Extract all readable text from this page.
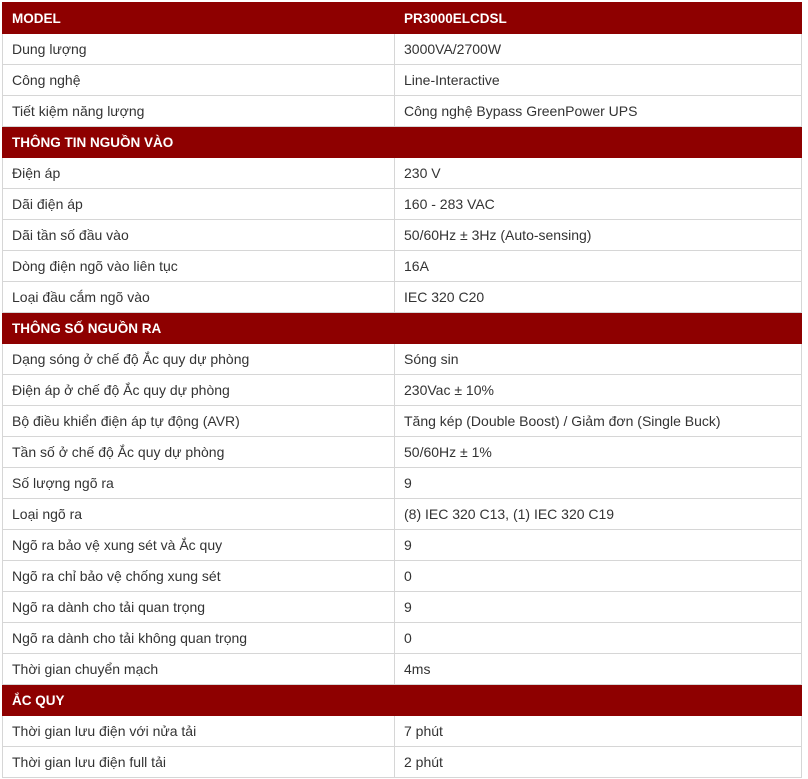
MODEL	PR3000ELCDSL
Dung lượng	3000VA/2700W
Công nghệ	Line-Interactive
Tiết kiệm năng lượng	Công nghệ Bypass GreenPower UPS
THÔNG TIN NGUỒN VÀO	
Điện áp	230 V
Dãi điện áp	160 - 283 VAC
Dãi tần số đầu vào	50/60Hz ± 3Hz (Auto-sensing)
Dòng điện ngõ vào liên tục	16A
Loại đầu cắm ngõ vào	IEC 320 C20
THÔNG SỐ NGUỒN RA	
Dạng sóng ở chế độ Ắc quy dự phòng	Sóng sin
Điện áp ở chế độ Ắc quy dự phòng	230Vac ± 10%
Bộ điều khiển điện áp tự động (AVR)	Tăng kép (Double Boost) / Giảm đơn (Single Buck)
Tần số ở chế độ Ắc quy dự phòng	50/60Hz ± 1%
Số lượng ngõ ra	9
Loại ngõ ra	(8) IEC 320 C13, (1) IEC 320 C19
Ngõ ra bảo vệ xung sét và Ắc quy	9
Ngõ ra chỉ bảo vệ chống xung sét	0
Ngõ ra dành cho tải quan trọng	9
Ngõ ra dành cho tải không quan trọng	0
Thời gian chuyển mạch	4ms
ẮC QUY	
Thời gian lưu điện với nửa tải	7 phút
Thời gian lưu điện full tải	2 phút
